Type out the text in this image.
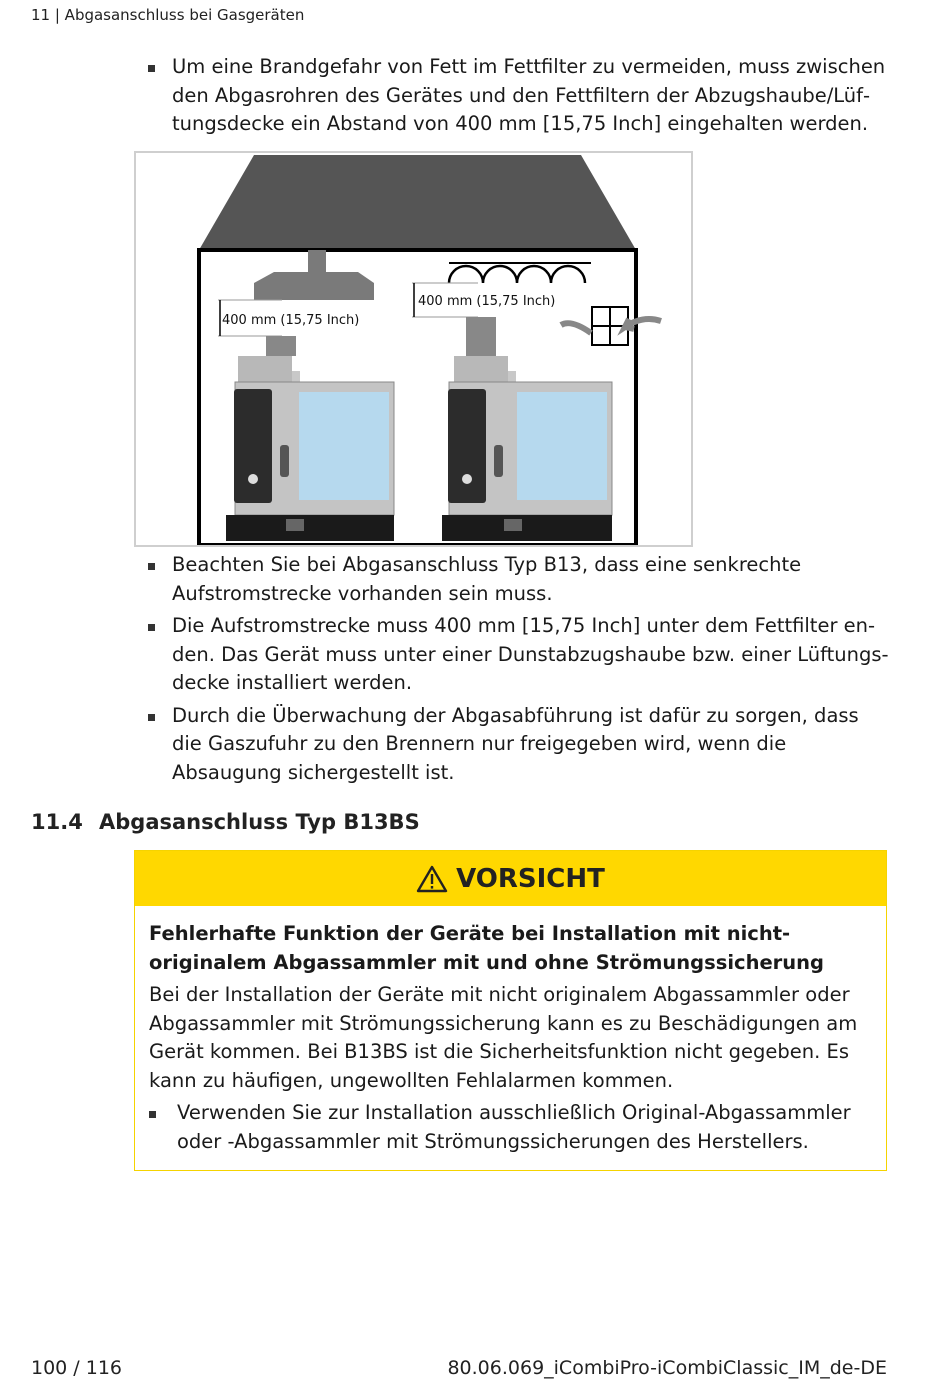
11 | Abgasanschluss bei Gasgeräten
Um eine Brandgefahr von Fett im Fettfilter zu vermeiden, muss zwischen den Abgasrohren des Gerätes und den Fettfiltern der Abzugshaube/Lüftungsdecke ein Abstand von 400 mm [15,75 Inch] eingehalten werden.
400 mm (15,75 Inch)
400 mm (15,75 Inch)
Beachten Sie bei Abgasanschluss Typ B13, dass eine senkrechte Aufstromstrecke vorhanden sein muss.
Die Aufstromstrecke muss 400 mm [15,75 Inch] unter dem Fettfilter enden. Das Gerät muss unter einer Dunstabzugshaube bzw. einer Lüftungsdecke installiert werden.
Durch die Überwachung der Abgasabführung ist dafür zu sorgen, dass die Gaszufuhr zu den Brennern nur freigegeben wird, wenn die Absaugung sichergestellt ist.
11.4 Abgasanschluss Typ B13BS
VORSICHT
Fehlerhafte Funktion der Geräte bei Installation mit nicht-originalem Abgassammler mit und ohne Strömungssicherung
Bei der Installation der Geräte mit nicht originalem Abgassammler oder Abgassammler mit Strömungssicherung kann es zu Beschädigungen am Gerät kommen. Bei B13BS ist die Sicherheitsfunktion nicht gegeben. Es kann zu häufigen, ungewollten Fehlalarmen kommen.
Verwenden Sie zur Installation ausschließlich Original-Abgassammler oder -Abgassammler mit Strömungssicherungen des Herstellers.
100 / 116	80.06.069_iCombiPro-iCombiClassic_IM_de-DE
